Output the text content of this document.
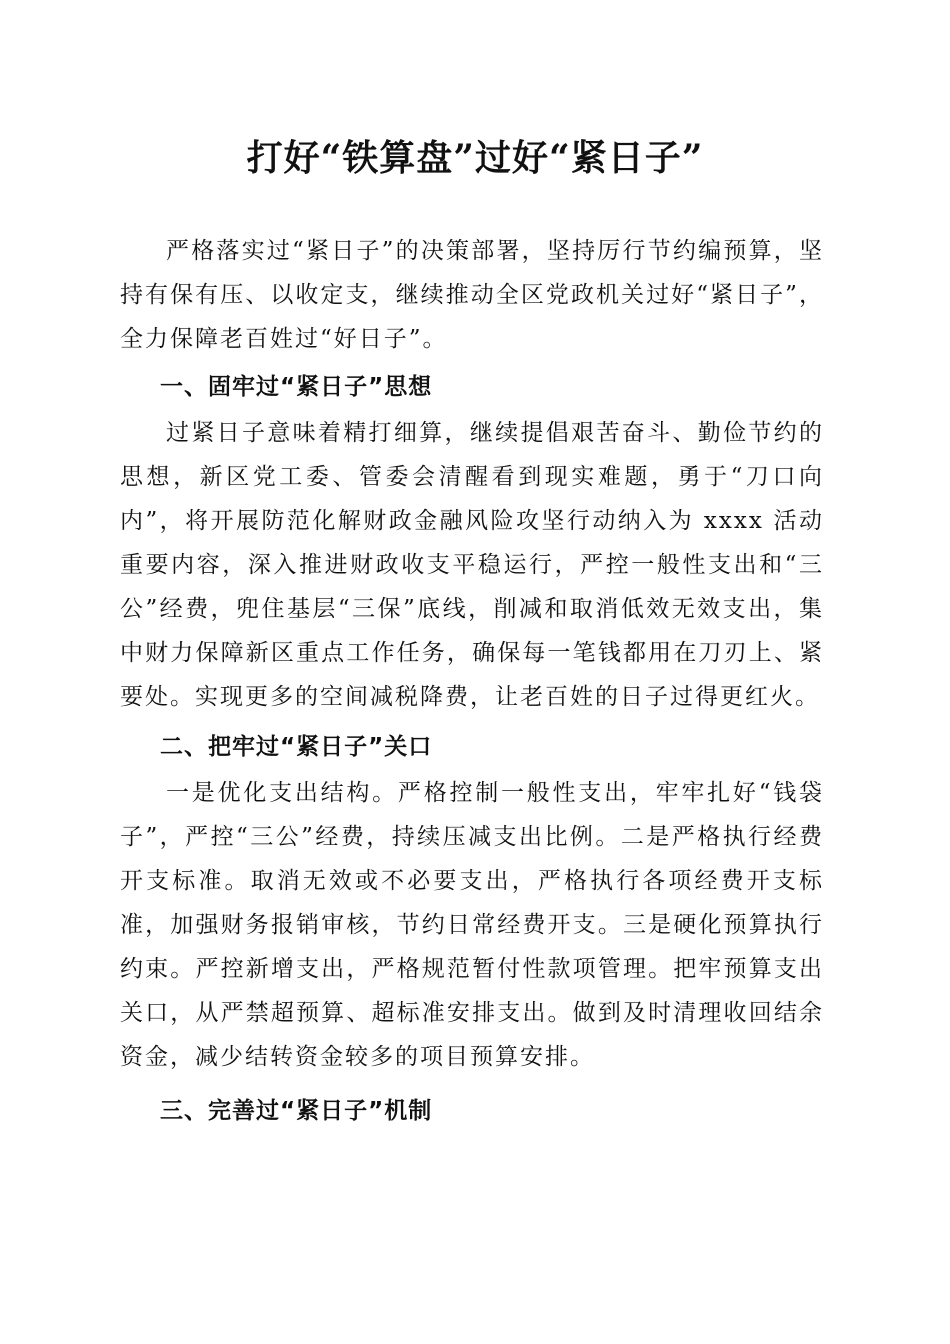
打好“铁算盘”过好“紧日子”

严格落实过“紧日子”的决策部署，坚持厉行节约编预算，坚持有保有压、以收定支，继续推动全区党政机关过好“紧日子”，全力保障老百姓过“好日子”。

一、固牢过“紧日子”思想

过紧日子意味着精打细算，继续提倡艰苦奋斗、勤俭节约的思想，新区党工委、管委会清醒看到现实难题，勇于“刀口向内”，将开展防范化解财政金融风险攻坚行动纳入为 xxxx 活动重要内容，深入推进财政收支平稳运行，严控一般性支出和“三公”经费，兜住基层“三保”底线，削减和取消低效无效支出，集中财力保障新区重点工作任务，确保每一笔钱都用在刀刃上、紧要处。实现更多的空间减税降费，让老百姓的日子过得更红火。

二、把牢过“紧日子”关口

一是优化支出结构。严格控制一般性支出，牢牢扎好“钱袋子”，严控“三公”经费，持续压减支出比例。二是严格执行经费开支标准。取消无效或不必要支出，严格执行各项经费开支标准，加强财务报销审核，节约日常经费开支。三是硬化预算执行约束。严控新增支出，严格规范暂付性款项管理。把牢预算支出关口，从严禁超预算、超标准安排支出。做到及时清理收回结余资金，减少结转资金较多的项目预算安排。

三、完善过“紧日子”机制
